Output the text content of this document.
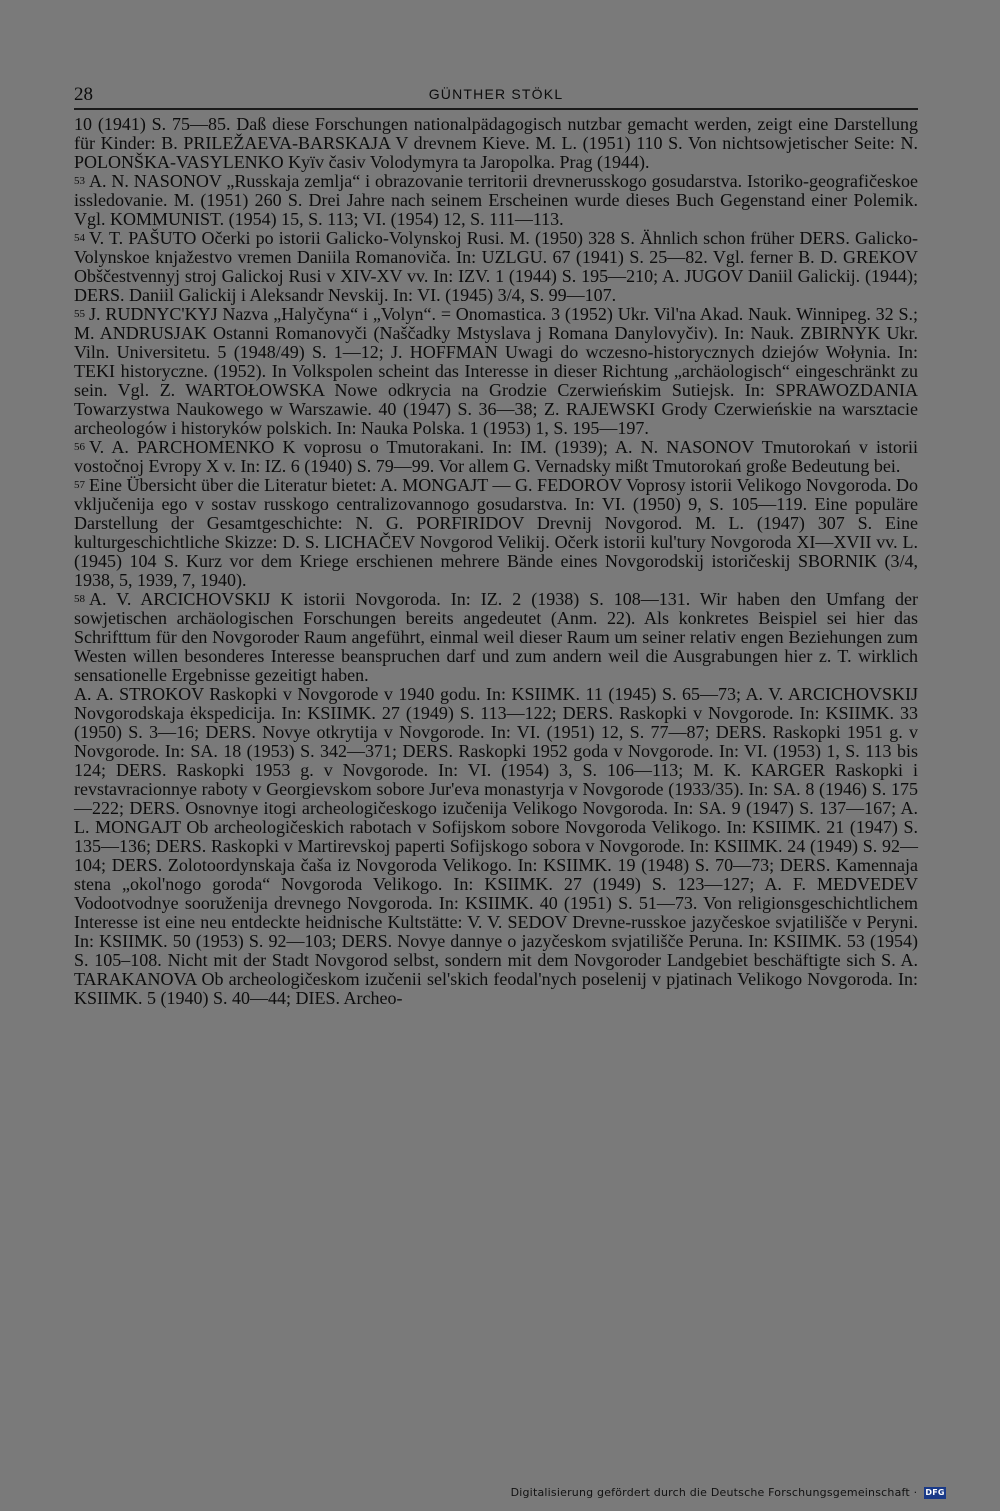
28	GÜNTHER STÖKL

10 (1941) S. 75—85. Daß diese Forschungen nationalpädagogisch nutzbar gemacht werden, zeigt eine Darstellung für Kinder: B. PRILEŽAEVA-BARSKAJA V drevnem Kieve. M. L. (1951) 110 S. Von nichtsowjetischer Seite: N. POLONŠKA-VASYLENKO Kyïv časiv Volodymyra ta Jaropolka. Prag (1944).

53 A. N. NASONOV „Russkaja zemlja“ i obrazovanie territorii drevnerusskogo gosudarstva. Istoriko-geografičeskoe issledovanie. M. (1951) 260 S. Drei Jahre nach seinem Erscheinen wurde dieses Buch Gegenstand einer Polemik. Vgl. KOMMUNIST. (1954) 15, S. 113; VI. (1954) 12, S. 111—113.

54 V. T. PAŠUTO Očerki po istorii Galicko-Volynskoj Rusi. M. (1950) 328 S. Ähnlich schon früher DERS. Galicko-Volynskoe knjažestvo vremen Daniila Romanoviča. In: UZLGU. 67 (1941) S. 25—82. Vgl. ferner B. D. GREKOV Obščestvennyj stroj Galickoj Rusi v XIV-XV vv. In: IZV. 1 (1944) S. 195—210; A. JUGOV Daniil Galickij. (1944); DERS. Daniil Galickij i Aleksandr Nevskij. In: VI. (1945) 3/4, S. 99—107.

55 J. RUDNYC'KYJ Nazva „Halyčyna“ i „Volyn“. = Onomastica. 3 (1952) Ukr. Vil'na Akad. Nauk. Winnipeg. 32 S.; M. ANDRUSJAK Ostanni Romanovyči (Naščadky Mstyslava j Romana Danylovyčiv). In: Nauk. ZBIRNYK Ukr. Viln. Universitetu. 5 (1948/49) S. 1—12; J. HOFFMAN Uwagi do wczesno-historycznych dziejów Wołynia. In: TEKI historyczne. (1952). In Volkspolen scheint das Interesse in dieser Richtung „archäologisch“ eingeschränkt zu sein. Vgl. Z. WARTOŁOWSKA Nowe odkrycia na Grodzie Czerwieńskim Sutiejsk. In: SPRAWOZDANIA Towarzystwa Naukowego w Warszawie. 40 (1947) S. 36—38; Z. RAJEWSKI Grody Czerwieńskie na warsztacie archeologów i historyków polskich. In: Nauka Polska. 1 (1953) 1, S. 195—197.

56 V. A. PARCHOMENKO K voprosu o Tmutorakani. In: IM. (1939); A. N. NASONOV Tmutorokań v istorii vostočnoj Evropy X v. In: IZ. 6 (1940) S. 79—99. Vor allem G. Vernadsky mißt Tmutorokań große Bedeutung bei.

57 Eine Übersicht über die Literatur bietet: A. MONGAJT — G. FEDOROV Voprosy istorii Velikogo Novgoroda. Do vključenija ego v sostav russkogo centralizovannogo gosudarstva. In: VI. (1950) 9, S. 105—119. Eine populäre Darstellung der Gesamtgeschichte: N. G. PORFIRIDOV Drevnij Novgorod. M. L. (1947) 307 S. Eine kulturgeschichtliche Skizze: D. S. LICHAČEV Novgorod Velikij. Očerk istorii kul'tury Novgoroda XI—XVII vv. L. (1945) 104 S. Kurz vor dem Kriege erschienen mehrere Bände eines Novgorodskij istoričeskij SBORNIK (3/4, 1938, 5, 1939, 7, 1940).

58 A. V. ARCICHOVSKIJ K istorii Novgoroda. In: IZ. 2 (1938) S. 108—131. Wir haben den Umfang der sowjetischen archäologischen Forschungen bereits angedeutet (Anm. 22). Als konkretes Beispiel sei hier das Schrifttum für den Novgoroder Raum angeführt, einmal weil dieser Raum um seiner relativ engen Beziehungen zum Westen willen besonderes Interesse beanspruchen darf und zum andern weil die Ausgrabungen hier z. T. wirklich sensationelle Ergebnisse gezeitigt haben.

A. A. STROKOV Raskopki v Novgorode v 1940 godu. In: KSIIMK. 11 (1945) S. 65—73; A. V. ARCICHOVSKIJ Novgorodskaja ėkspedicija. In: KSIIMK. 27 (1949) S. 113—122; DERS. Raskopki v Novgorode. In: KSIIMK. 33 (1950) S. 3—16; DERS. Novye otkrytija v Novgorode. In: VI. (1951) 12, S. 77—87; DERS. Raskopki 1951 g. v Novgorode. In: SA. 18 (1953) S. 342—371; DERS. Raskopki 1952 goda v Novgorode. In: VI. (1953) 1, S. 113 bis 124; DERS. Raskopki 1953 g. v Novgorode. In: VI. (1954) 3, S. 106—113; M. K. KARGER Raskopki i revstavracionnye raboty v Georgievskom sobore Jur'eva monastyrja v Novgorode (1933/35). In: SA. 8 (1946) S. 175—222; DERS. Osnovnye itogi archeologičeskogo izučenija Velikogo Novgoroda. In: SA. 9 (1947) S. 137—167; A. L. MONGAJT Ob archeologičeskich rabotach v Sofijskom sobore Novgoroda Velikogo. In: KSIIMK. 21 (1947) S. 135—136; DERS. Raskopki v Martirevskoj paperti Sofijskogo sobora v Novgorode. In: KSIIMK. 24 (1949) S. 92—104; DERS. Zolotoordynskaja čaša iz Novgoroda Velikogo. In: KSIIMK. 19 (1948) S. 70—73; DERS. Kamennaja stena „okol'nogo goroda“ Novgoroda Velikogo. In: KSIIMK. 27 (1949) S. 123—127; A. F. MEDVEDEV Vodootvodnye sooruženija drevnego Novgoroda. In: KSIIMK. 40 (1951) S. 51—73. Von religionsgeschichtlichem Interesse ist eine neu entdeckte heidnische Kultstätte: V. V. SEDOV Drevne-russkoe jazyčeskoe svjatilišče v Peryni. In: KSIIMK. 50 (1953) S. 92—103; DERS. Novye dannye o jazyčeskom svjatilišče Peruna. In: KSIIMK. 53 (1954) S. 105–108. Nicht mit der Stadt Novgorod selbst, sondern mit dem Novgoroder Landgebiet beschäftigte sich S. A. TARAKANOVA Ob archeologičeskom izučenii sel'skich feodal'nych poselenij v pjatinach Velikogo Novgoroda. In: KSIIMK. 5 (1940) S. 40—44; DIES. Archeo-

Digitalisierung gefördert durch die Deutsche Forschungsgemeinschaft · DFG
